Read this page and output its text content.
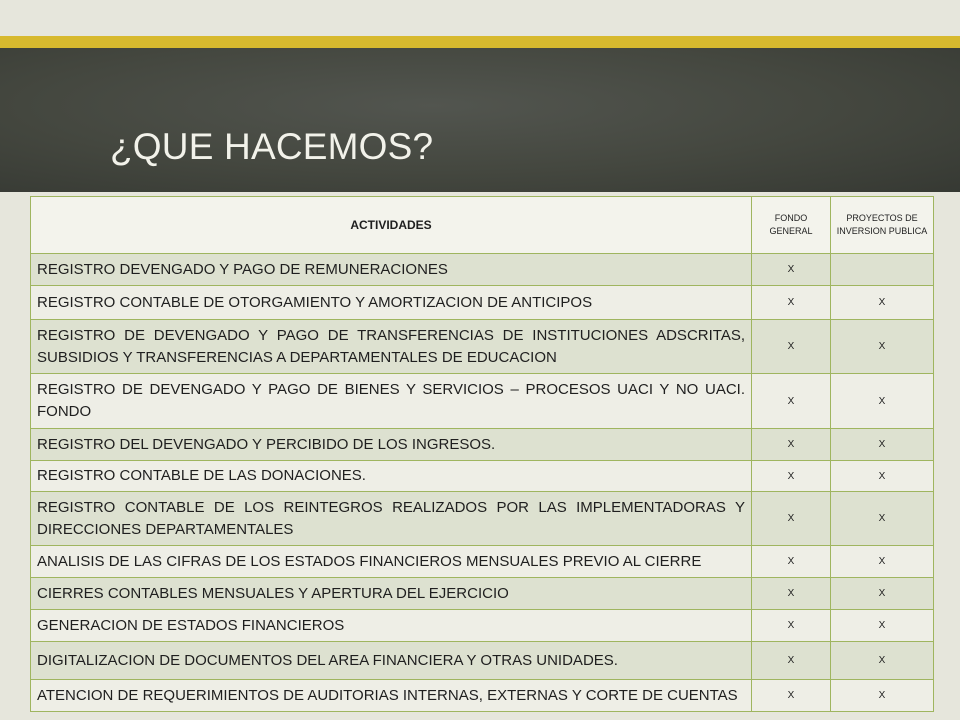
¿QUE HACEMOS?
ACTIVIDADES	FONDO GENERAL	PROYECTOS DE INVERSION PUBLICA
REGISTRO DEVENGADO Y PAGO DE REMUNERACIONES	X	
REGISTRO CONTABLE DE OTORGAMIENTO Y AMORTIZACION DE ANTICIPOS	X	X
REGISTRO DE DEVENGADO Y PAGO DE TRANSFERENCIAS DE INSTITUCIONES ADSCRITAS, SUBSIDIOS Y TRANSFERENCIAS A DEPARTAMENTALES DE EDUCACION	X	X
REGISTRO DE DEVENGADO Y PAGO DE BIENES Y SERVICIOS – PROCESOS UACI Y NO UACI. FONDO	X	X
REGISTRO DEL DEVENGADO Y PERCIBIDO DE LOS INGRESOS.	X	X
REGISTRO CONTABLE DE LAS DONACIONES.	X	X
REGISTRO CONTABLE DE LOS REINTEGROS REALIZADOS POR LAS IMPLEMENTADORAS Y DIRECCIONES DEPARTAMENTALES	X	X
ANALISIS DE LAS CIFRAS DE LOS ESTADOS FINANCIEROS MENSUALES PREVIO AL CIERRE	X	X
CIERRES CONTABLES MENSUALES Y APERTURA DEL EJERCICIO	X	X
GENERACION DE ESTADOS FINANCIEROS	X	X
DIGITALIZACION DE DOCUMENTOS DEL AREA FINANCIERA Y OTRAS UNIDADES.	X	X
ATENCION DE REQUERIMIENTOS DE AUDITORIAS INTERNAS, EXTERNAS Y CORTE DE CUENTAS	X	X
